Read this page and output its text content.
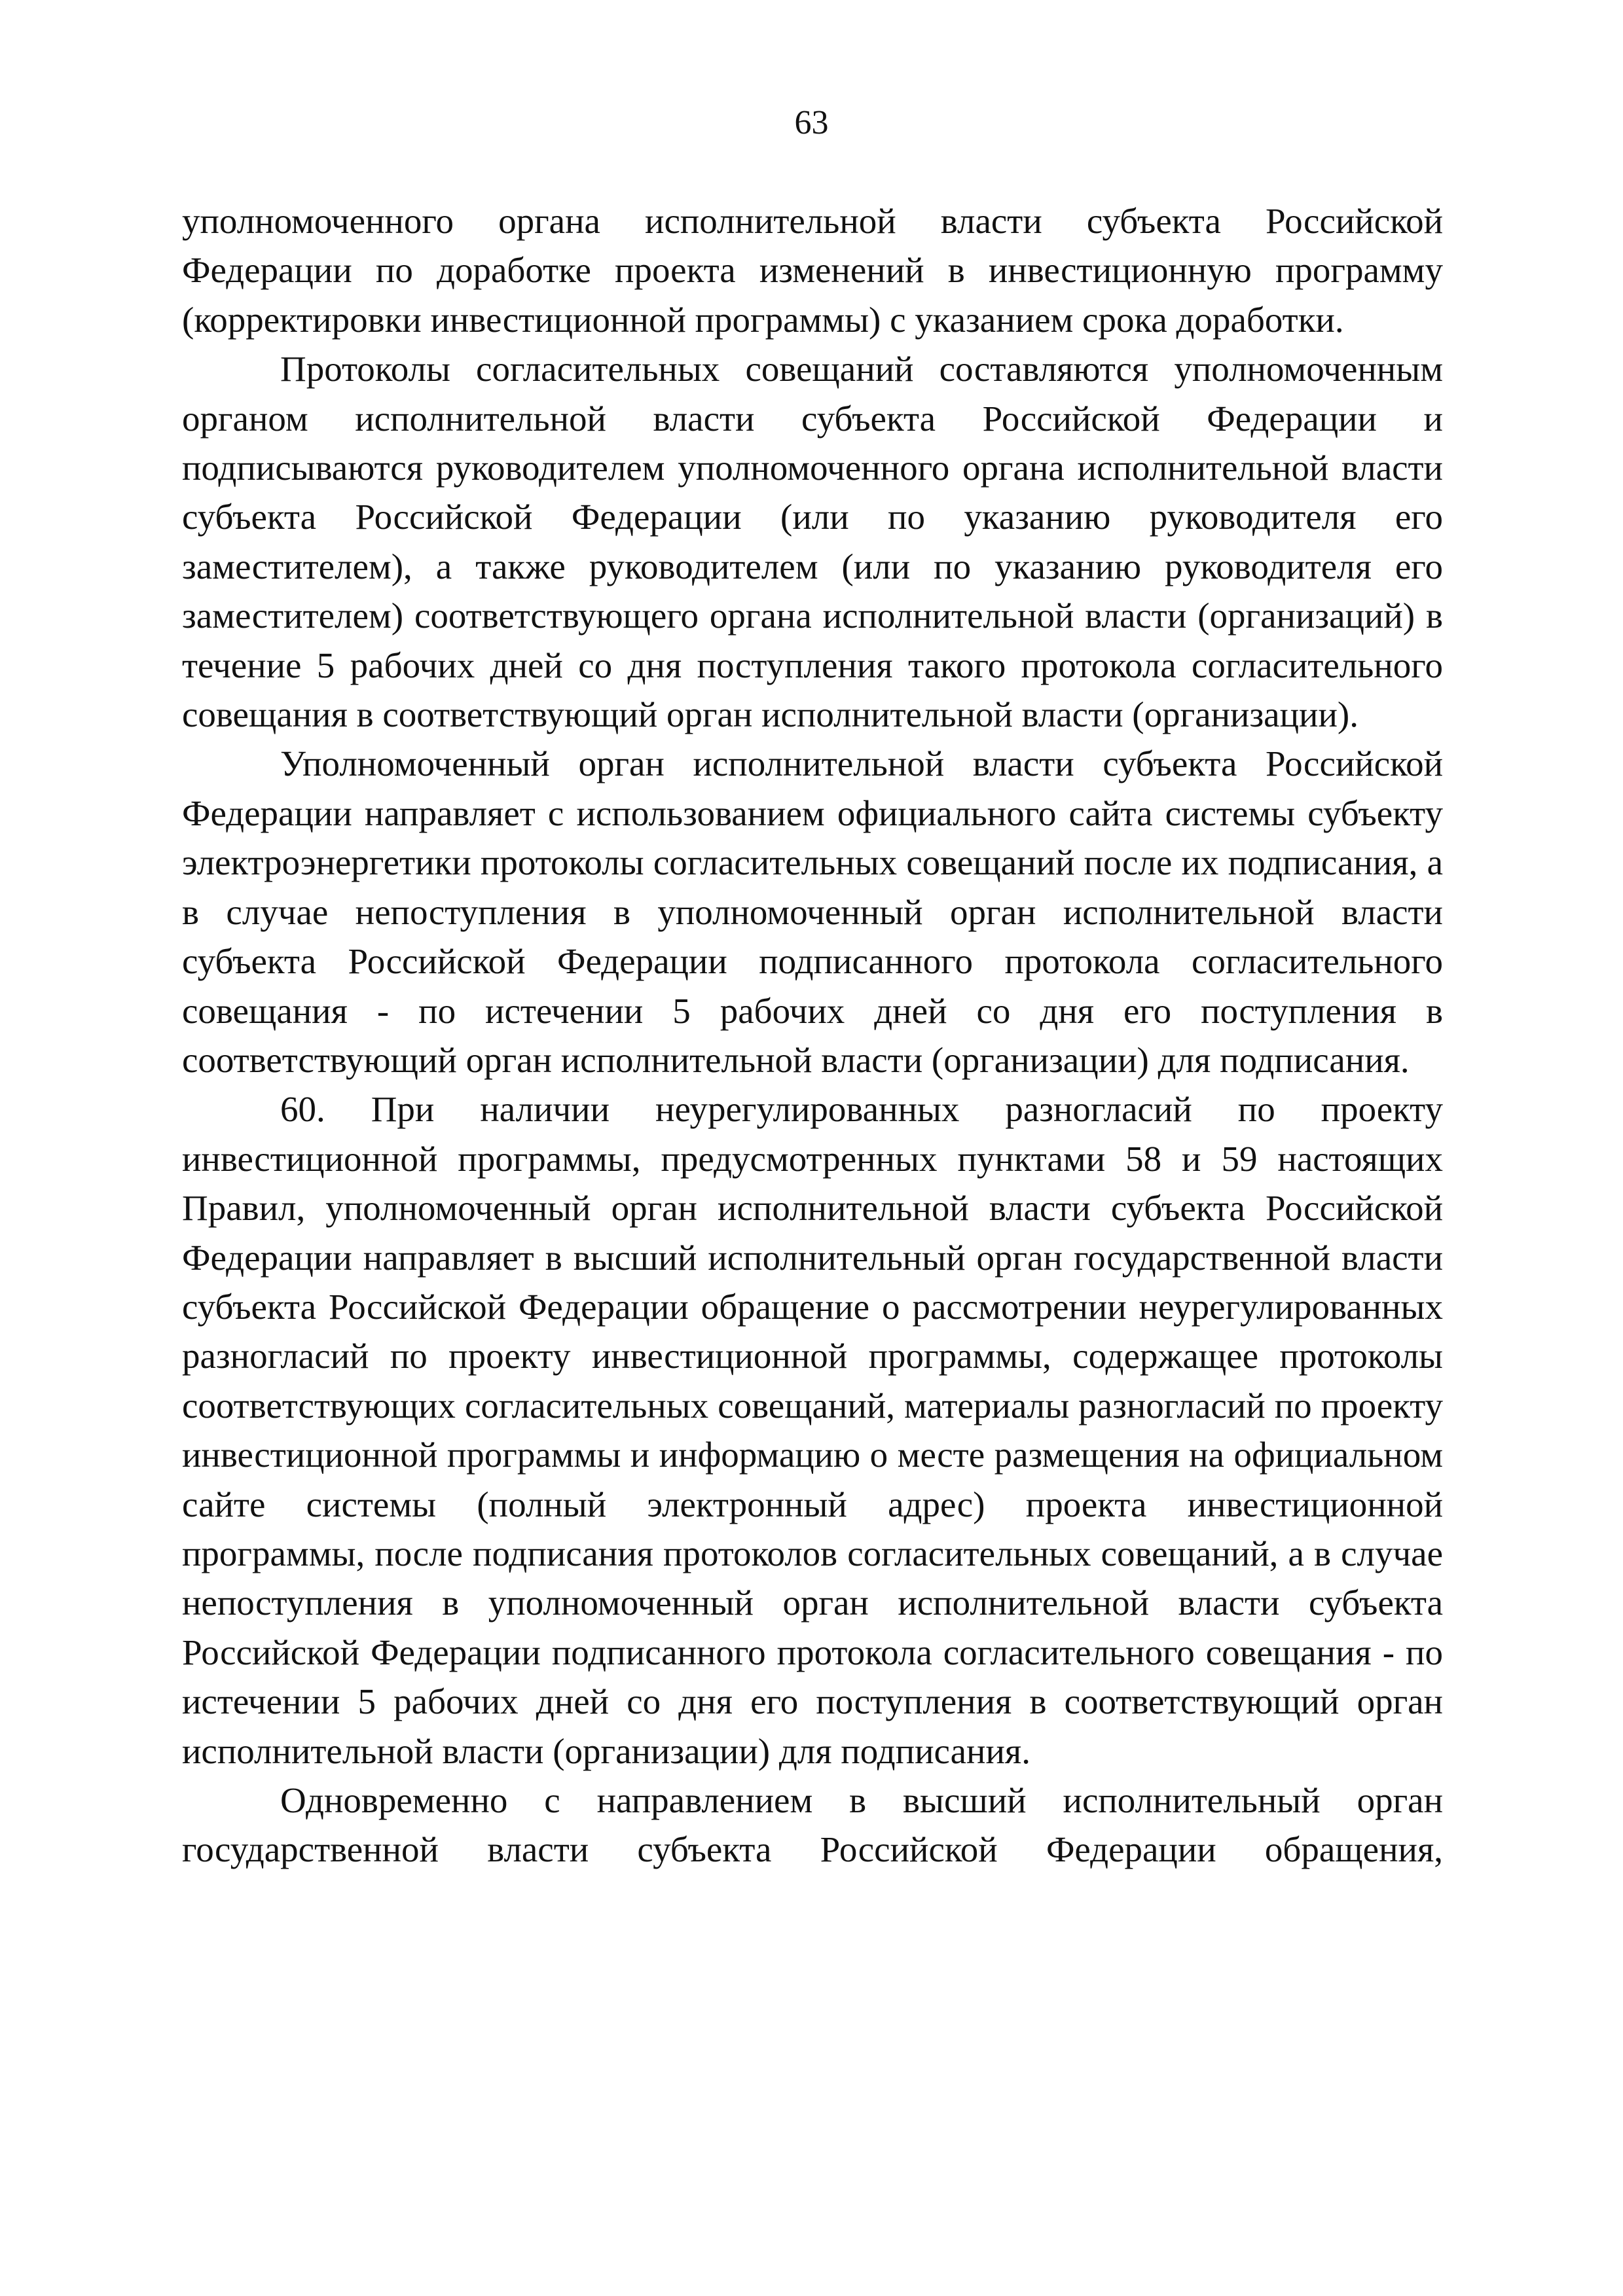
63

уполномоченного органа исполнительной власти субъекта Российской Федерации по доработке проекта изменений в инвестиционную программу (корректировки инвестиционной программы) с указанием срока доработки.

Протоколы согласительных совещаний составляются уполномоченным органом исполнительной власти субъекта Российской Федерации и подписываются руководителем уполномоченного органа исполнительной власти субъекта Российской Федерации (или по указанию руководителя его заместителем), а также руководителем (или по указанию руководителя его заместителем) соответствующего органа исполнительной власти (организаций) в течение 5 рабочих дней со дня поступления такого протокола согласительного совещания в соответствующий орган исполнительной власти (организации).

Уполномоченный орган исполнительной власти субъекта Российской Федерации направляет с использованием официального сайта системы субъекту электроэнергетики протоколы согласительных совещаний после их подписания, а в случае непоступления в уполномоченный орган исполнительной власти субъекта Российской Федерации подписанного протокола согласительного совещания - по истечении 5 рабочих дней со дня его поступления в соответствующий орган исполнительной власти (организации) для подписания.

60. При наличии неурегулированных разногласий по проекту инвестиционной программы, предусмотренных пунктами 58 и 59 настоящих Правил, уполномоченный орган исполнительной власти субъекта Российской Федерации направляет в высший исполнительный орган государственной власти субъекта Российской Федерации обращение о рассмотрении неурегулированных разногласий по проекту инвестиционной программы, содержащее протоколы соответствующих согласительных совещаний, материалы разногласий по проекту инвестиционной программы и информацию о месте размещения на официальном сайте системы (полный электронный адрес) проекта инвестиционной программы, после подписания протоколов согласительных совещаний, а в случае непоступления в уполномоченный орган исполнительной власти субъекта Российской Федерации подписанного протокола согласительного совещания - по истечении 5 рабочих дней со дня его поступления в соответствующий орган исполнительной власти (организации) для подписания.

Одновременно с направлением в высший исполнительный орган государственной власти субъекта Российской Федерации обращения,
